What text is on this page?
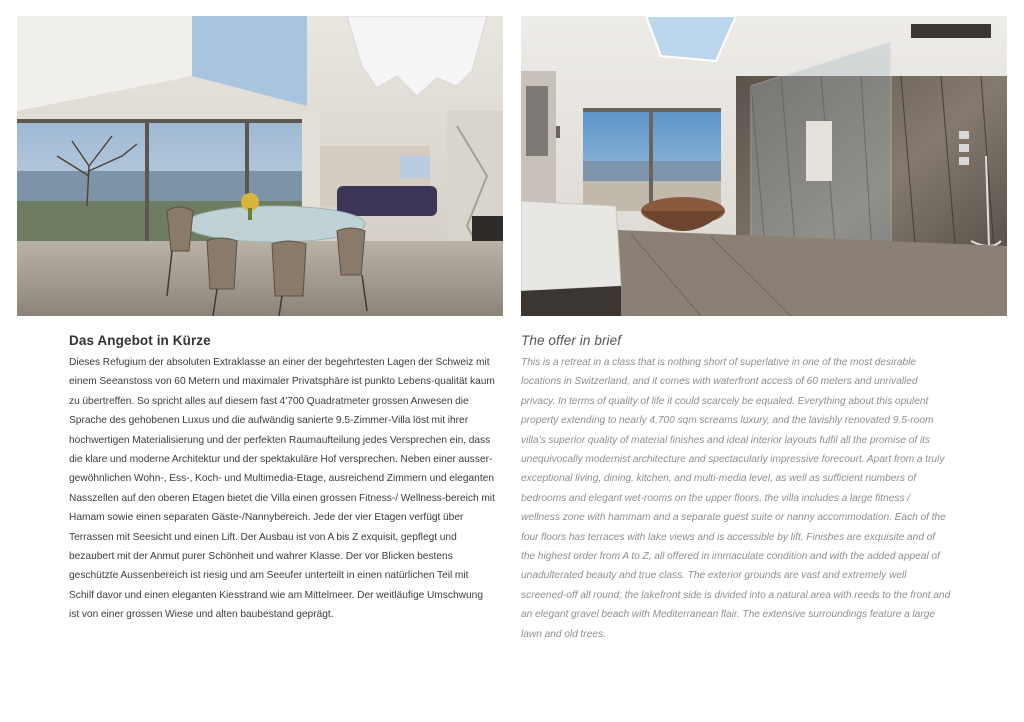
Das Angebot in Kürze

Dieses Refugium der absoluten Extraklasse an einer der begehrtesten Lagen der Schweiz mit einem Seeanstoss von 60 Metern und maximaler Privatsphäre ist punkto Lebens-qualität kaum zu übertreffen. So spricht alles auf diesem fast 4'700 Quadratmeter grossen Anwesen die Sprache des gehobenen Luxus und die aufwändig sanierte 9.5-Zimmer-Villa löst mit ihrer hochwertigen Materialisierung und der perfekten Raumaufteilung jedes Versprechen ein, dass die klare und moderne Architektur und der spektakuläre Hof versprechen. Neben einer ausser-gewöhnlichen Wohn-, Ess-, Koch- und Multimedia-Etage, ausreichend Zimmern und eleganten Nasszellen auf den oberen Etagen bietet die Villa einen grossen Fitness-/ Wellness-bereich mit Hamam sowie einen separaten Gäste-/Nannybereich. Jede der vier Etagen verfügt über Terrassen mit Seesicht und einen Lift. Der Ausbau ist von A bis Z exquisit, gepflegt und bezaubert mit der Anmut purer Schönheit und wahrer Klasse. Der vor Blicken bestens geschützte Aussenbereich ist riesig und am Seeufer unterteilt in einen natürlichen Teil mit Schilf davor und einen eleganten Kiesstrand wie am Mittelmeer. Der weitläufige Umschwung ist von einer grossen Wiese und alten baubestand geprägt.

The offer in brief

This is a retreat in a class that is nothing short of superlative in one of the most desirable locations in Switzerland, and it comes with waterfront access of 60 meters and unrivalled privacy. In terms of quality of life it could scarcely be equaled. Everything about this opulent property extending to nearly 4,700 sqm screams luxury, and the lavishly renovated 9.5-room villa’s superior quality of material finishes and ideal interior layouts fulfil all the promise of its unequivocally modernist architecture and spectacularly impressive forecourt. Apart from a truly exceptional living, dining, kitchen, and multi-media level, as well as sufficient numbers of bedrooms and elegant wet-rooms on the upper floors, the villa includes a large fitness / wellness zone with hammam and a separate guest suite or nanny accommodation. Each of the four floors has terraces with lake views and is accessible by lift. Finishes are exquisite and of the highest order from A to Z, all offered in immaculate condition and with the added appeal of unadulterated beauty and true class. The exterior grounds are vast and extremely well screened-off all round; the lakefront side is divided into a natural area with reeds to the front and an elegant gravel beach with Mediterranean flair. The extensive surroundings feature a large lawn and old trees.
